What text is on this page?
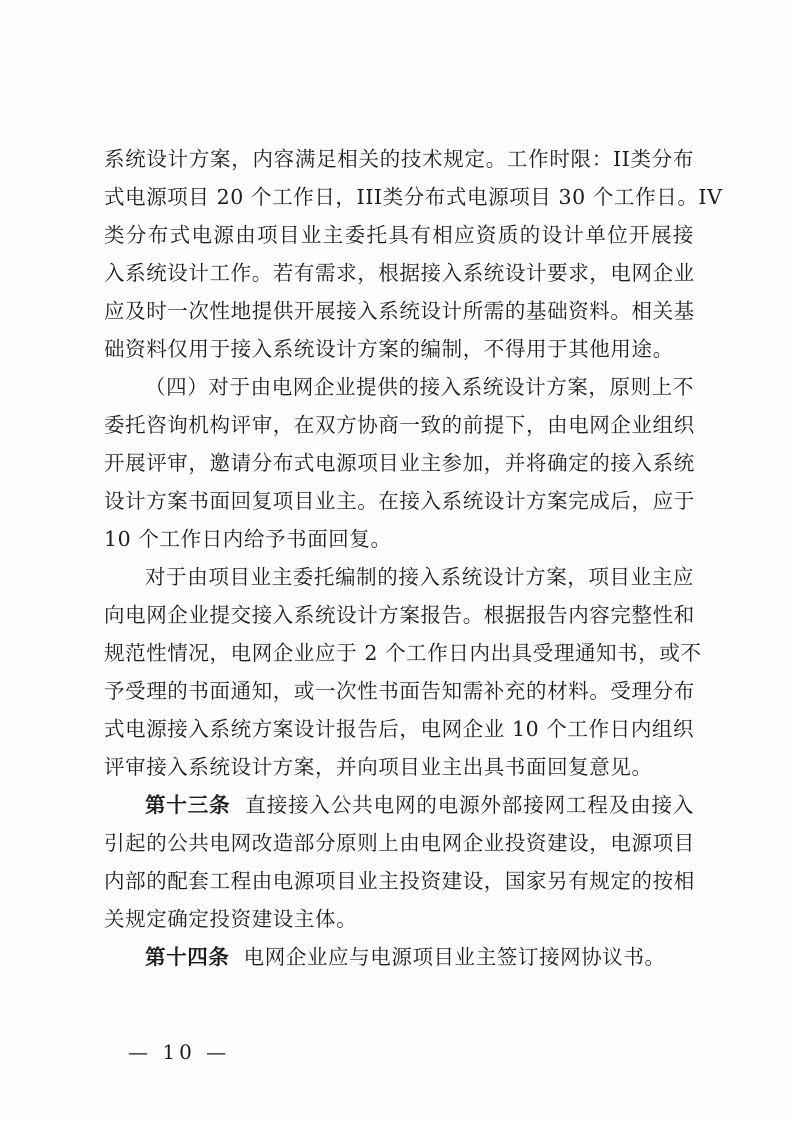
系统设计方案，内容满足相关的技术规定。工作时限：II类分布
式电源项目 20 个工作日，III类分布式电源项目 30 个工作日。IV
类分布式电源由项目业主委托具有相应资质的设计单位开展接
入系统设计工作。若有需求，根据接入系统设计要求，电网企业
应及时一次性地提供开展接入系统设计所需的基础资料。相关基
础资料仅用于接入系统设计方案的编制，不得用于其他用途。
（四）对于由电网企业提供的接入系统设计方案，原则上不
委托咨询机构评审，在双方协商一致的前提下，由电网企业组织
开展评审，邀请分布式电源项目业主参加，并将确定的接入系统
设计方案书面回复项目业主。在接入系统设计方案完成后，应于
10 个工作日内给予书面回复。
对于由项目业主委托编制的接入系统设计方案，项目业主应
向电网企业提交接入系统设计方案报告。根据报告内容完整性和
规范性情况，电网企业应于 2 个工作日内出具受理通知书，或不
予受理的书面通知，或一次性书面告知需补充的材料。受理分布
式电源接入系统方案设计报告后，电网企业 10 个工作日内组织
评审接入系统设计方案，并向项目业主出具书面回复意见。
第十三条 直接接入公共电网的电源外部接网工程及由接入
引起的公共电网改造部分原则上由电网企业投资建设，电源项目
内部的配套工程由电源项目业主投资建设，国家另有规定的按相
关规定确定投资建设主体。
第十四条 电网企业应与电源项目业主签订接网协议书。
— 10 —
